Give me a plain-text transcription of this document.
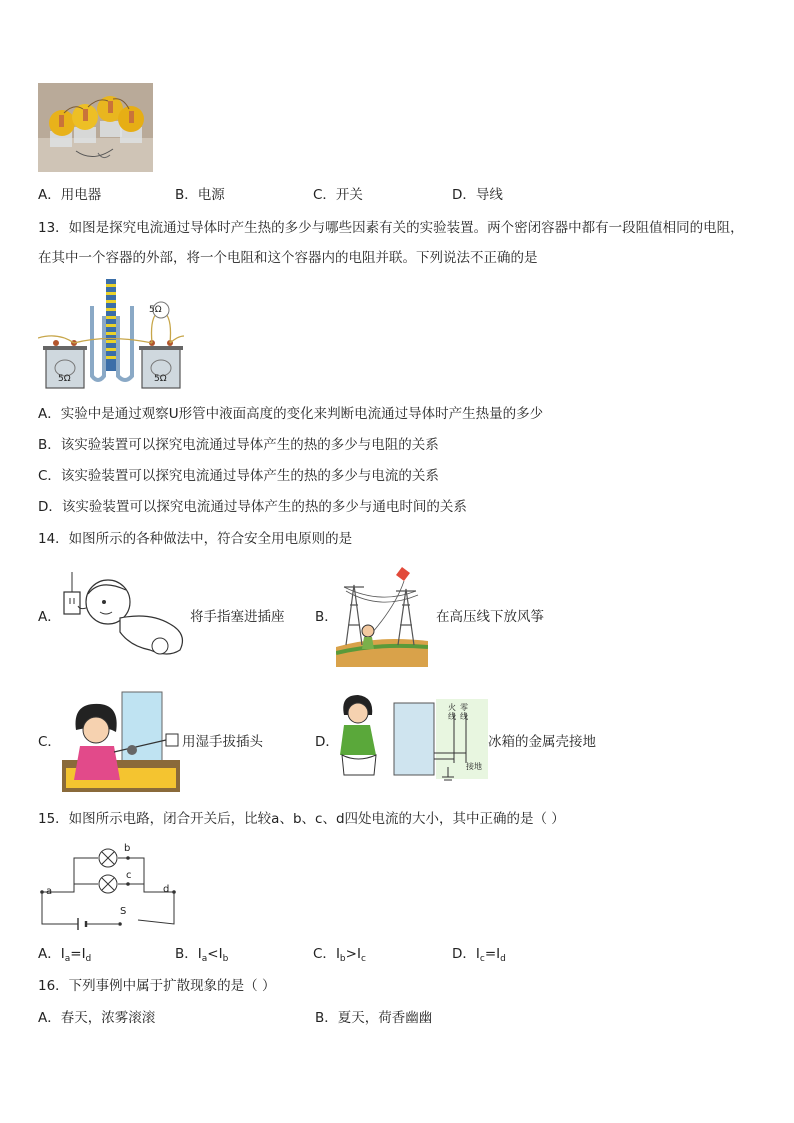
A．用电器	B．电源	C．开关	D．导线
13．如图是探究电流通过导体时产生热的多少与哪些因素有关的实验装置。两个密闭容器中都有一段阻值相同的电阻，
在其中一个容器的外部，将一个电阻和这个容器内的电阻并联。下列说法不正确的是
5Ω
5Ω	5Ω
A．实验中是通过观察U形管中液面高度的变化来判断电流通过导体时产生热量的多少
B．该实验装置可以探究电流通过导体产生的热的多少与电阻的关系
C．该实验装置可以探究电流通过导体产生的热的多少与电流的关系
D．该实验装置可以探究电流通过导体产生的热的多少与通电时间的关系
14．如图所示的各种做法中，符合安全用电原则的是
A．	将手指塞进插座 B．	在高压线下放风筝
C．	用湿手拔插头	D．
火线
零线
接地
冰箱的金属壳接地
15．如图所示电路，闭合开关后，比较a、b、c、d四处电流的大小，其中正确的是（ ）
a
b
c
d
S
A．$I_a=I_d$	B．$I_a<I_b$	C．$I_b>I_c$	D．$I_c=I_d$
16．下列事例中属于扩散现象的是（ ）
A．春天，浓雾滚滚	B．夏天，荷香幽幽
